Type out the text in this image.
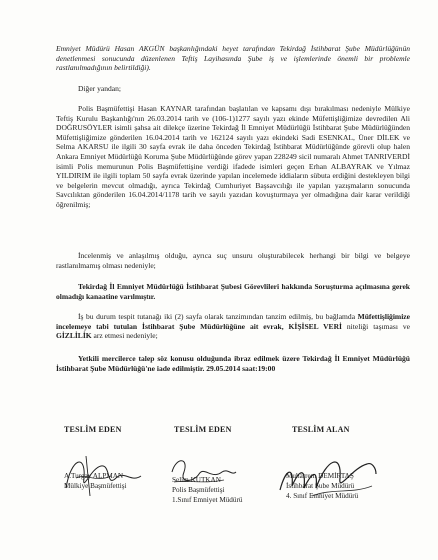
Emniyet Müdürü Hasan AKGÜN başkanlığındaki heyet tarafından Tekirdağ İstihbarat Şube Müdürlüğünün denetlenmesi sonucunda düzenlenen Teftiş Layihasında Şube iş ve işlemlerinde önemli bir problemle rastlanılmadığının belirtildiği).
Diğer yandan;
Polis Başmüfettişi Hasan KAYNAR tarafından başlatılan ve kapsamı dışı bırakılması nedeniyle Mülkiye Teftiş Kurulu Başkanlığı'nın 26.03.2014 tarih ve (106-1)1277 sayılı yazı ekinde Müfettişliğimize devredilen Ali DOĞRUSÖYLER isimli şahsa ait dilekçe üzerine Tekirdağ İl Emniyet Müdürlüğü İstihbarat Şube Müdürlüğünden Müfettişliğimize gönderilen 16.04.2014 tarih ve 162124 sayılı yazı ekindeki Sadi ESENKAL, Üner DİLEK ve Selma AKARSU ile ilgili 30 sayfa evrak ile daha önceden Tekirdağ İstihbarat Müdürlüğünde görevli olup halen Ankara Emniyet Müdürlüğü Koruma Şube Müdürlüğünde görev yapan 228249 sicil numaralı Ahmet TANRIVERDİ isimli Polis memurunun Polis Başmüfettişine verdiği ifadede isimleri geçen Erhan ALBAYRAK ve Yılmaz YILDIRIM ile ilgili toplam 50 sayfa evrak üzerinde yapılan incelemede iddiaların sübuta erdiğini destekleyen bilgi ve belgelerin mevcut olmadığı, ayrıca Tekirdağ Cumhuriyet Başsavcılığı ile yapılan yazışmaların sonucunda Savcılıktan gönderilen 16.04.2014/1178 tarih ve sayılı yazıdan kovuşturmaya yer olmadığına dair karar verildiği öğrenilmiş;
İncelenmiş ve anlaşılmış olduğu, ayrıca suç unsuru oluşturabilecek herhangi bir bilgi ve belgeye rastlanılmamış olması nedeniyle;
Tekirdağ İl Emniyet Müdürlüğü İstihbarat Şubesi Görevlileri hakkında Soruşturma açılmasına gerek olmadığı kanaatine varılmıştır.
İş bu durum tespit tutanağı iki (2) sayfa olarak tanzimından tanzim edilmiş, bu bağlamda Müfettişliğimize incelemeye tabi tutulan İstihbarat Şube Müdürlüğüne ait evrak, KİŞİSEL VERİ niteliği taşıması ve GİZLİLİK arz etmesi nedeniyle;
Yetkili mercilerce talep söz konusu olduğunda ibraz edilmek üzere Tekirdağ İl Emniyet Müdürlüğü İstihbarat Şube Müdürlüğü'ne iade edilmiştir. 29.05.2014 saat:19:00
TESLİM EDEN	TESLİM EDEN	TESLİM ALAN
A.Turgay ALPMAN
Mülkiye Başmüfettişi
Selim KUTKAN
Polis Başmüfettişi
1.Sınıf Emniyet Müdürü
Muharrem DEMİRTAŞ
İstihbarat Şube Müdürü
4. Sınıf Emniyet Müdürü
